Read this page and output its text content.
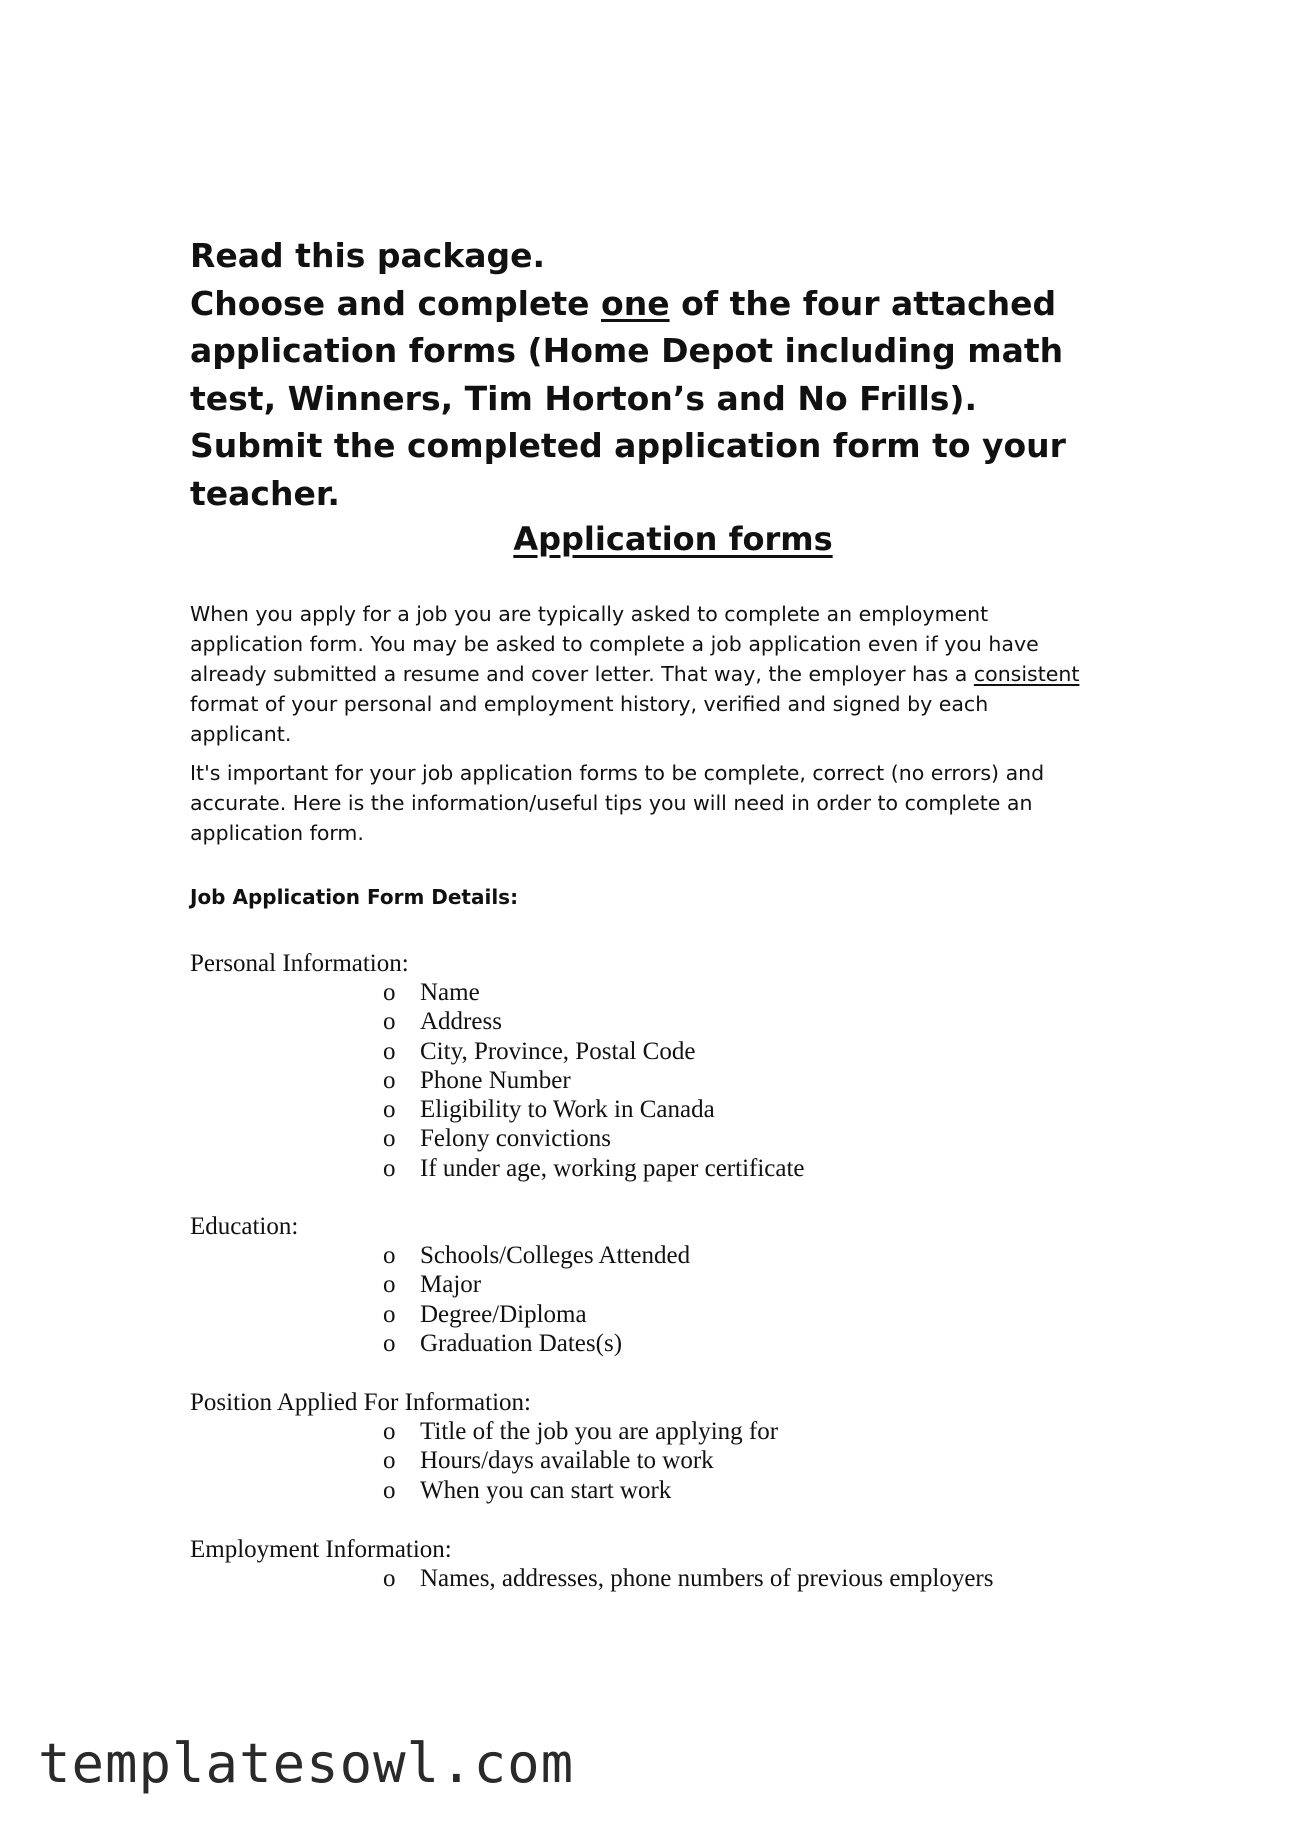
Read this package.
Choose and complete one of the four attached application forms (Home Depot including math test, Winners, Tim Horton’s and No Frills). Submit the completed application form to your teacher.
Application forms
When you apply for a job you are typically asked to complete an employment application form. You may be asked to complete a job application even if you have already submitted a resume and cover letter. That way, the employer has a consistent format of your personal and employment history, verified and signed by each applicant.
It's important for your job application forms to be complete, correct (no errors) and accurate. Here is the information/useful tips you will need in order to complete an application form.
Job Application Form Details:
Personal Information:
o Name
o Address
o City, Province, Postal Code
o Phone Number
o Eligibility to Work in Canada
o Felony convictions
o If under age, working paper certificate
Education:
o Schools/Colleges Attended
o Major
o Degree/Diploma
o Graduation Dates(s)
Position Applied For Information:
o Title of the job you are applying for
o Hours/days available to work
o When you can start work
Employment Information:
o Names, addresses, phone numbers of previous employers
templatesowl.com
